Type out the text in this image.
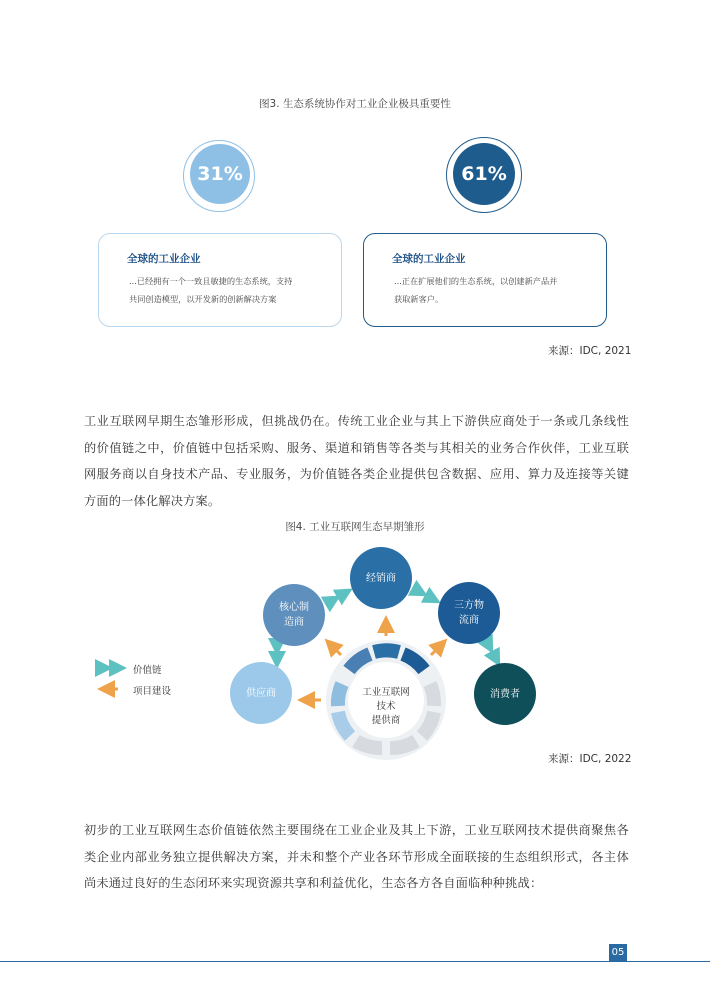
图3. 生态系统协作对工业企业极具重要性
31%
全球的工业企业
...已经拥有一个一致且敏捷的生态系统，支持
共同创造模型，以开发新的创新解决方案
61%
全球的工业企业
...正在扩展他们的生态系统，以创建新产品并
获取新客户。
来源：IDC, 2021
工业互联网早期生态雏形形成，但挑战仍在。传统工业企业与其上下游供应商处于一条或几条线性的价值链之中，价值链中包括采购、服务、渠道和销售等各类与其相关的业务合作伙伴，工业互联网服务商以自身技术产品、专业服务，为价值链各类企业提供包含数据、应用、算力及连接等关键方面的一体化解决方案。
图4. 工业互联网生态早期雏形
经销商
核心制
造商
三方物
流商
供应商	消费者
工业互联网
技术
提供商
价值链
项目建设
来源：IDC, 2022
初步的工业互联网生态价值链依然主要围绕在工业企业及其上下游，工业互联网技术提供商聚焦各类企业内部业务独立提供解决方案，并未和整个产业各环节形成全面联接的生态组织形式，各主体尚未通过良好的生态闭环来实现资源共享和利益优化，生态各方各自面临种种挑战：
05
